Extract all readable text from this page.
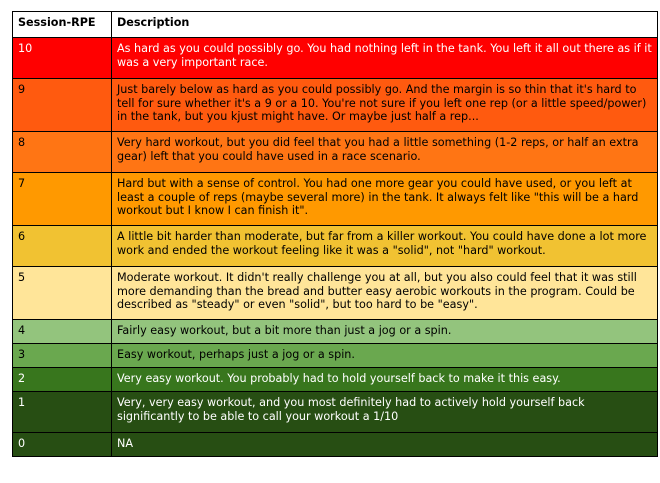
Session-RPE	Description
10	As hard as you could possibly go. You had nothing left in the tank. You left it all out there as if it was a very important race.
9	Just barely below as hard as you could possibly go. And the margin is so thin that it's hard to tell for sure whether it's a 9 or a 10. You're not sure if you left one rep (or a little speed/power) in the tank, but you kjust might have. Or maybe just half a rep...
8	Very hard workout, but you did feel that you had a little something (1-2 reps, or half an extra gear) left that you could have used in a race scenario.
7	Hard but with a sense of control. You had one more gear you could have used, or you left at least a couple of reps (maybe several more) in the tank. It always felt like "this will be a hard workout but I know I can finish it".
6	A little bit harder than moderate, but far from a killer workout. You could have done a lot more work and ended the workout feeling like it was a "solid", not "hard" workout.
5	Moderate workout. It didn't really challenge you at all, but you also could feel that it was still more demanding than the bread and butter easy aerobic workouts in the program. Could be described as "steady" or even "solid", but too hard to be "easy".
4	Fairly easy workout, but a bit more than just a jog or a spin.
3	Easy workout, perhaps just a jog or a spin.
2	Very easy workout. You probably had to hold yourself back to make it this easy.
1	Very, very easy workout, and you most definitely had to actively hold yourself back significantly to be able to call your workout a 1/10
0	NA
